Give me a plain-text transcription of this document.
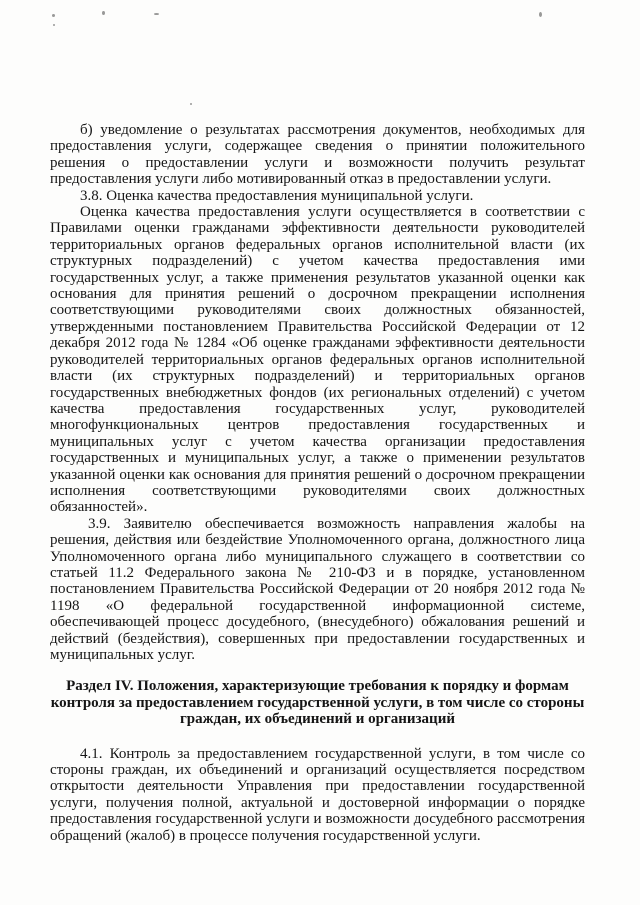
б) уведомление о результатах рассмотрения документов, необходимых для предоставления услуги, содержащее сведения о принятии положительного решения о предоставлении услуги и возможности получить результат предоставления услуги либо мотивированный отказ в предоставлении услуги.

3.8. Оценка качества предоставления муниципальной услуги.

Оценка качества предоставления услуги осуществляется в соответствии с Правилами оценки гражданами эффективности деятельности руководителей территориальных органов федеральных органов исполнительной власти (их структурных подразделений) с учетом качества предоставления ими государственных услуг, а также применения результатов указанной оценки как основания для принятия решений о досрочном прекращении исполнения соответствующими руководителями своих должностных обязанностей, утвержденными постановлением Правительства Российской Федерации от 12 декабря 2012 года № 1284 «Об оценке гражданами эффективности деятельности руководителей территориальных органов федеральных органов исполнительной власти (их структурных подразделений) и территориальных органов государственных внебюджетных фондов (их региональных отделений) с учетом качества предоставления государственных услуг, руководителей многофункциональных центров предоставления государственных и муниципальных услуг с учетом качества организации предоставления государственных и муниципальных услуг, а также о применении результатов указанной оценки как основания для принятия решений о досрочном прекращении исполнения соответствующими руководителями своих должностных обязанностей».

3.9. Заявителю обеспечивается возможность направления жалобы на решения, действия или бездействие Уполномоченного органа, должностного лица Уполномоченного органа либо муниципального служащего в соответствии со статьей 11.2 Федерального закона № 210-ФЗ и в порядке, установленном постановлением Правительства Российской Федерации от 20 ноября 2012 года № 1198 «О федеральной государственной информационной системе, обеспечивающей процесс досудебного, (внесудебного) обжалования решений и действий (бездействия), совершенных при предоставлении государственных и муниципальных услуг.

Раздел IV. Положения, характеризующие требования к порядку и формам контроля за предоставлением государственной услуги, в том числе со стороны граждан, их объединений и организаций

4.1. Контроль за предоставлением государственной услуги, в том числе со стороны граждан, их объединений и организаций осуществляется посредством открытости деятельности Управления при предоставлении государственной услуги, получения полной, актуальной и достоверной информации о порядке предоставления государственной услуги и возможности досудебного рассмотрения обращений (жалоб) в процессе получения государственной услуги.
